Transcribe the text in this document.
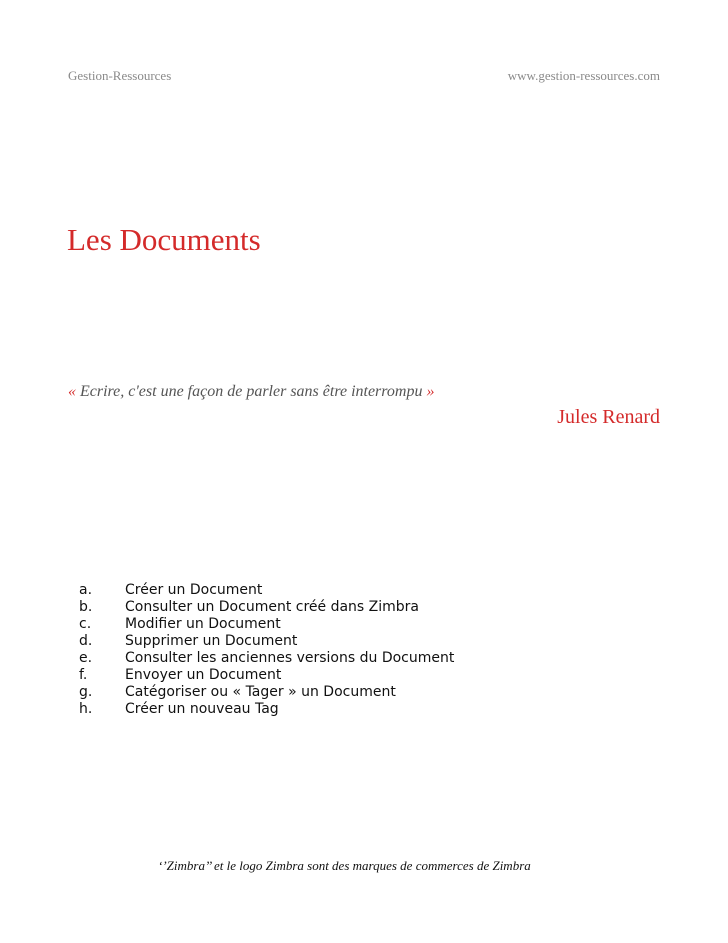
Gestion-Ressources	www.gestion-ressources.com
Les Documents
« Ecrire, c'est une façon de parler sans être interrompu »
Jules Renard
a. Créer un Document
b. Consulter un Document créé dans Zimbra
c. Modifier un Document
d. Supprimer un Document
e. Consulter les anciennes versions du Document
f.	Envoyer un Document
g. Catégoriser ou « Tager » un Document
h. Créer un nouveau Tag
‘’Zimbra’’ et le logo Zimbra sont des marques de commerces de Zimbra
